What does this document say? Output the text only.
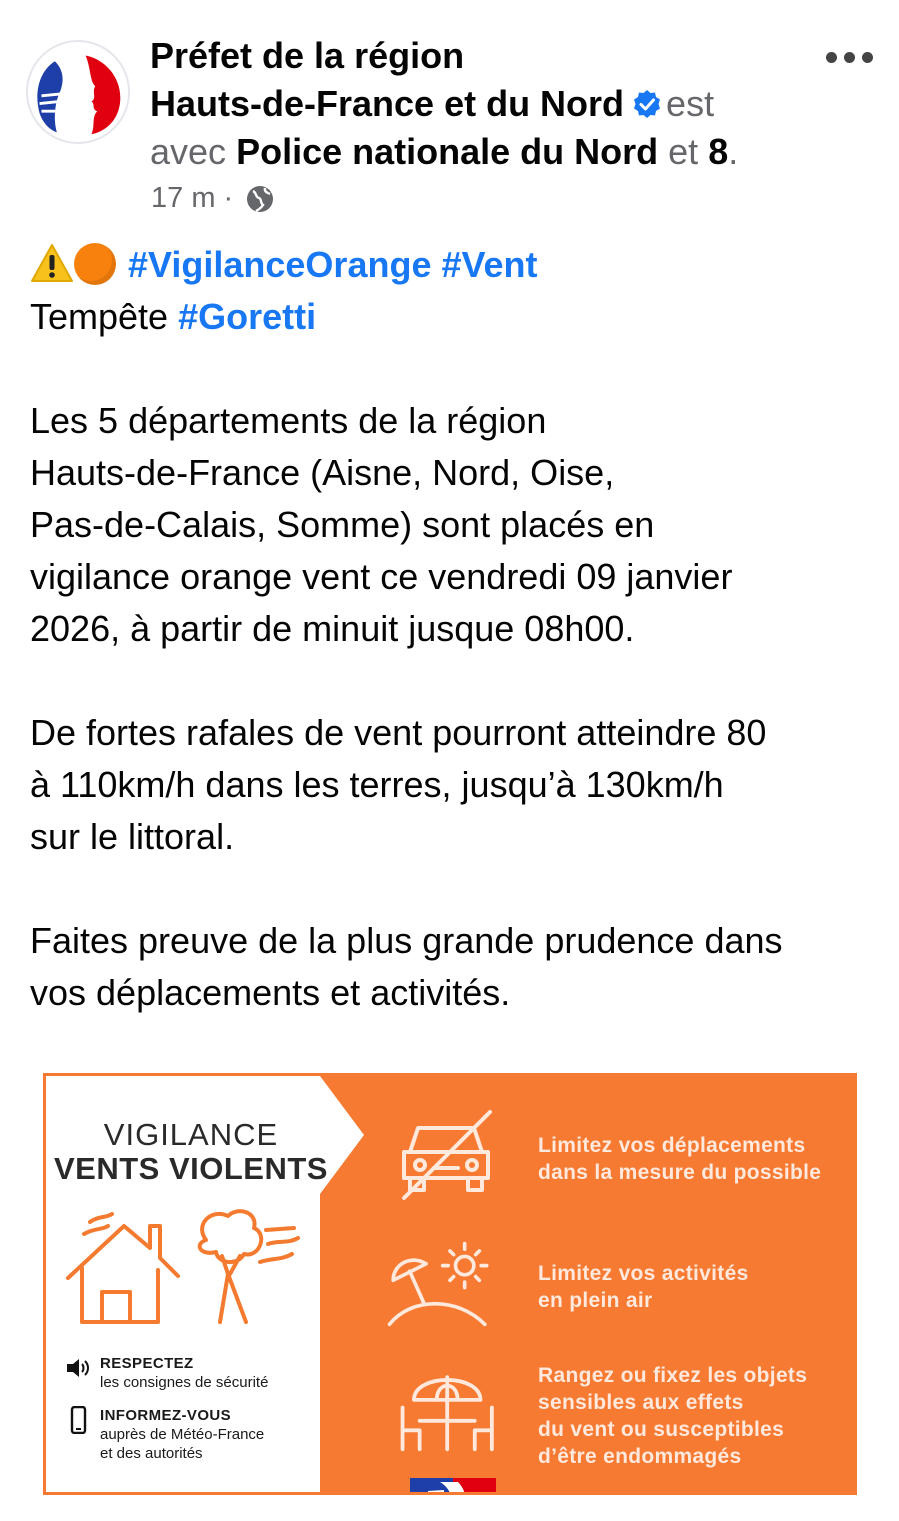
Préfet de la région
Hauts-de-France et du Nord est
avec Police nationale du Nord et 8.
17 m ·
#VigilanceOrange #Vent
Tempête #Goretti
Les 5 départements de la région
Hauts-de-France (Aisne, Nord, Oise,
Pas-de-Calais, Somme) sont placés en
vigilance orange vent ce vendredi 09 janvier
2026, à partir de minuit jusque 08h00.
De fortes rafales de vent pourront atteindre 80
à 110km/h dans les terres, jusqu’à 130km/h
sur le littoral.
Faites preuve de la plus grande prudence dans
vos déplacements et activités.
VIGILANCE
VENTS VIOLENTS
RESPECTEZ
les consignes de sécurité
INFORMEZ-VOUS
auprès de Météo-France
et des autorités
Limitez vos déplacements
dans la mesure du possible
Limitez vos activités
en plein air
Rangez ou fixez les objets
sensibles aux effets
du vent ou susceptibles
d’être endommagés
